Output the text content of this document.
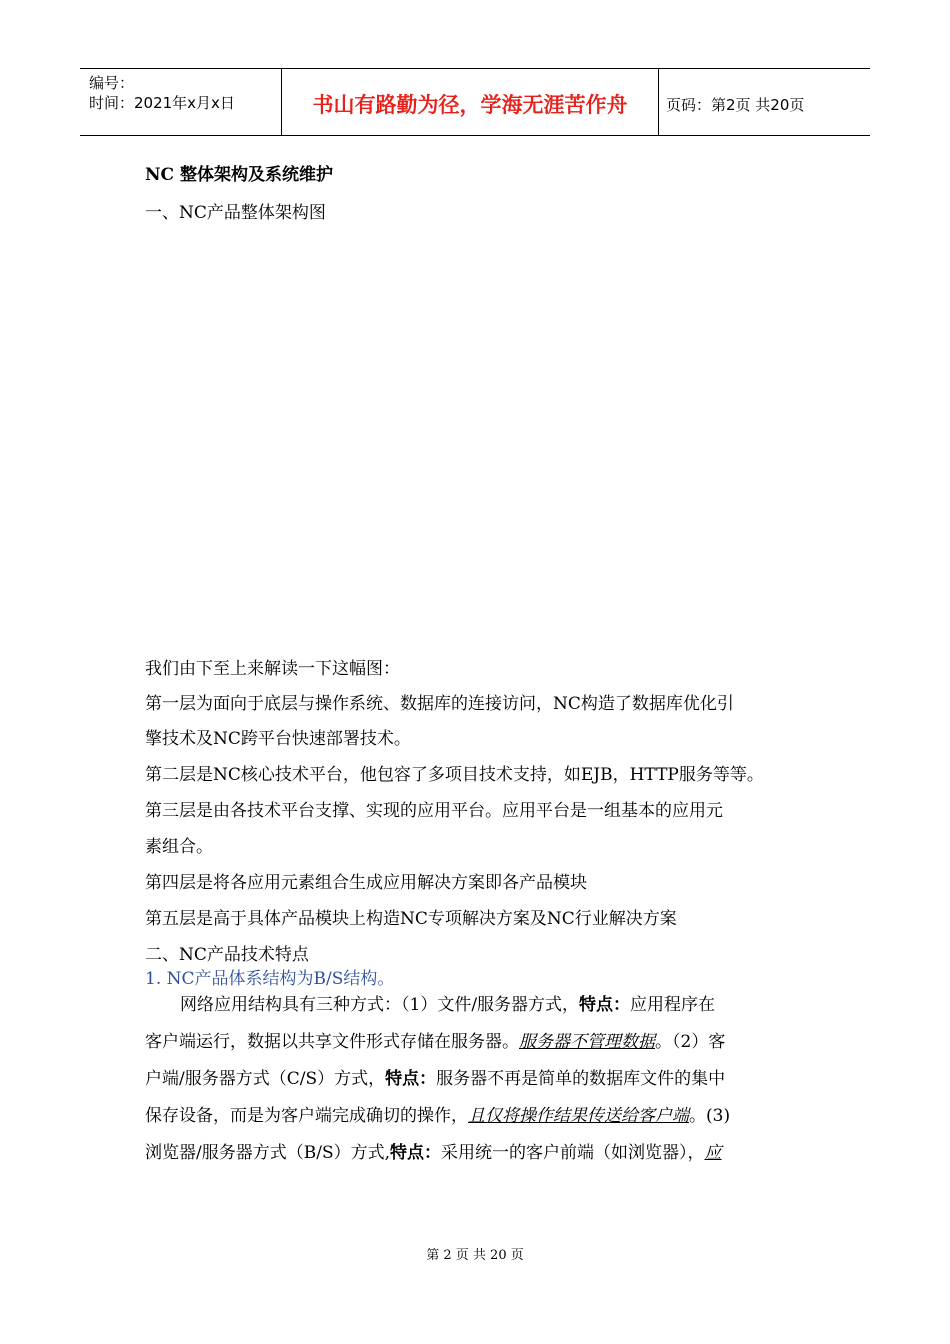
编号：
时间：2021年x月x日	书山有路勤为径，学海无涯苦作舟	页码：第2页 共20页
NC 整体架构及系统维护
一、NC产品整体架构图
我们由下至上来解读一下这幅图：
第一层为面向于底层与操作系统、数据库的连接访问，NC构造了数据库优化引
擎技术及NC跨平台快速部署技术。
第二层是NC核心技术平台，他包容了多项目技术支持，如EJB，HTTP服务等等。
第三层是由各技术平台支撑、实现的应用平台。应用平台是一组基本的应用元
素组合。
第四层是将各应用元素组合生成应用解决方案即各产品模块
第五层是高于具体产品模块上构造NC专项解决方案及NC行业解决方案
二、NC产品技术特点
1. NC产品体系结构为B/S结构。
网络应用结构具有三种方式：（1）文件/服务器方式，特点：应用程序在
客户端运行，数据以共享文件形式存储在服务器。服务器不管理数据。（2）客
户端/服务器方式（C/S）方式，特点：服务器不再是简单的数据库文件的集中
保存设备，而是为客户端完成确切的操作，且仅将操作结果传送给客户端。(3)
浏览器/服务器方式（B/S）方式,特点：采用统一的客户前端（如浏览器），应
第 2 页 共 20 页
